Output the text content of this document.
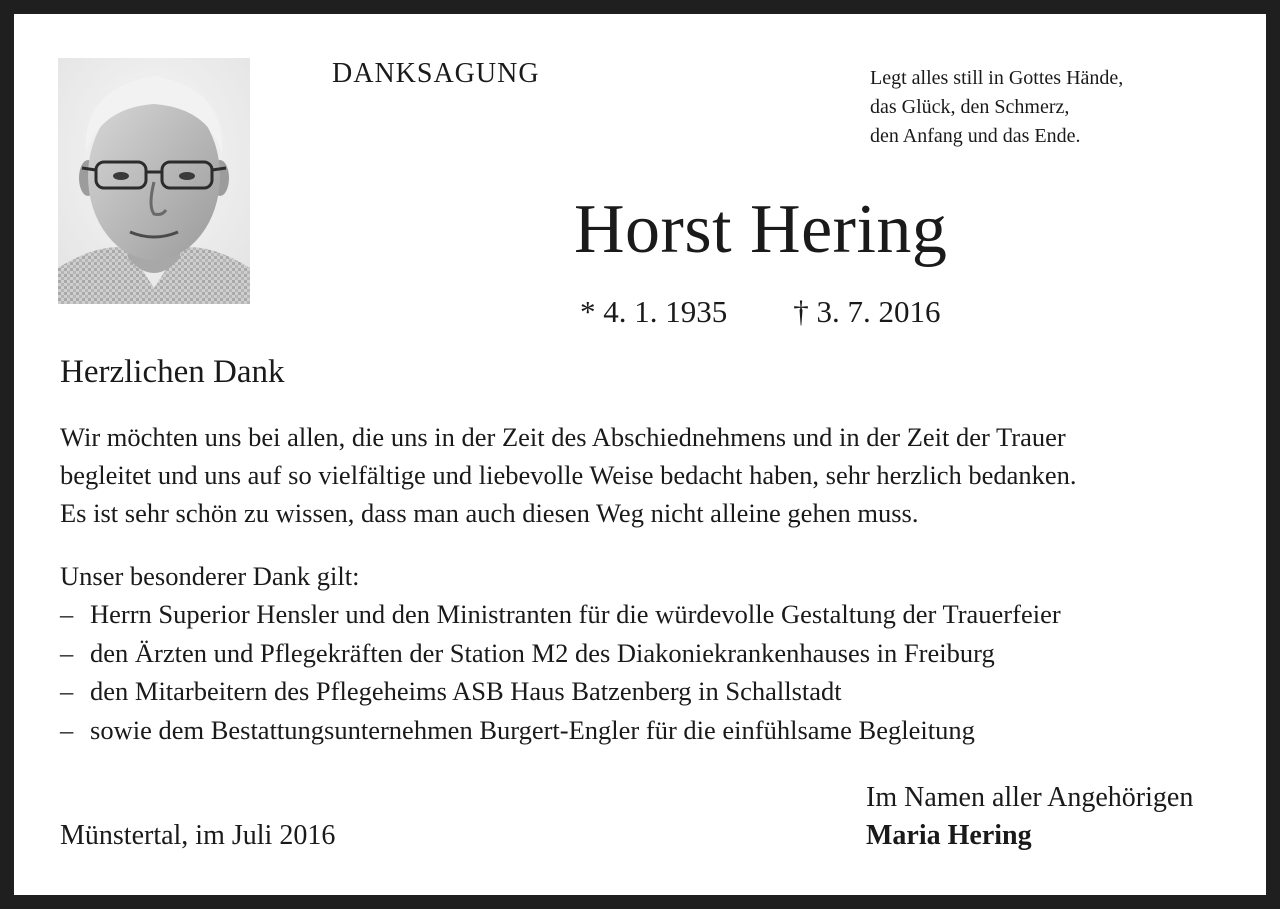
DANKSAGUNG	Legt alles still in Gottes Hände,
das Glück, den Schmerz,
den Anfang und das Ende.
Horst Hering
* 4. 1. 1935 † 3. 7. 2016
Herzlichen Dank
Wir möchten uns bei allen, die uns in der Zeit des Abschiednehmens und in der Zeit der Trauer
begleitet und uns auf so vielfältige und liebevolle Weise bedacht haben, sehr herzlich bedanken.
Es ist sehr schön zu wissen, dass man auch diesen Weg nicht alleine gehen muss.
Unser besonderer Dank gilt:
– Herrn Superior Hensler und den Ministranten für die würdevolle Gestaltung der Trauerfeier
– den Ärzten und Pflegekräften der Station M2 des Diakoniekrankenhauses in Freiburg
– den Mitarbeitern des Pflegeheims ASB Haus Batzenberg in Schallstadt
– sowie dem Bestattungsunternehmen Burgert-Engler für die einfühlsame Begleitung
Im Namen aller Angehörigen
Maria Hering
Münstertal, im Juli 2016
